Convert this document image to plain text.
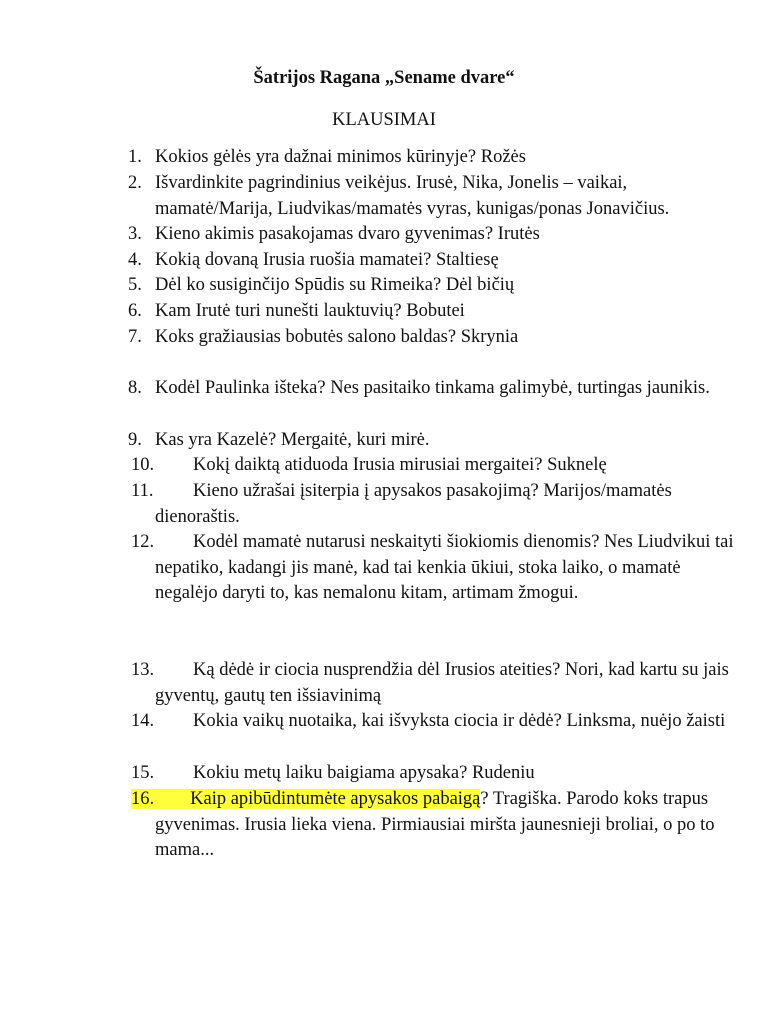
Šatrijos Ragana „Sename dvare“
KLAUSIMAI
1. Kokios gėlės yra dažnai minimos kūrinyje? Rožės
2. Išvardinkite pagrindinius veikėjus. Irusė, Nika, Jonelis – vaikai, mamatė/Marija, Liudvikas/mamatės vyras, kunigas/ponas Jonavičius.
3. Kieno akimis pasakojamas dvaro gyvenimas? Irutės
4. Kokią dovaną Irusia ruošia mamatei? Staltiesę
5. Dėl ko susiginčijo Spūdis su Rimeika? Dėl bičių
6. Kam Irutė turi nunešti lauktuvių? Bobutei
7. Koks gražiausias bobutės salono baldas? Skrynia
8. Kodėl Paulinka išteka? Nes pasitaiko tinkama galimybė, turtingas jaunikis.
9. Kas yra Kazelė? Mergaitė, kuri mirė.
10.	Kokį daiktą atiduoda Irusia mirusiai mergaitei? Suknelę
11.	Kieno užrašai įsiterpia į apysakos pasakojimą? Marijos/mamatės dienoraštis.
12.	Kodėl mamatė nutarusi neskaityti šiokiomis dienomis? Nes Liudvikui tai nepatiko, kadangi jis manė, kad tai kenkia ūkiui, stoka laiko, o mamatė negalėjo daryti to, kas nemalonu kitam, artimam žmogui.
13.	Ką dėdė ir ciocia nusprendžia dėl Irusios ateities? Nori, kad kartu su jais gyventų, gautų ten išsiavinimą
14.	Kokia vaikų nuotaika, kai išvyksta ciocia ir dėdė? Linksma, nuėjo žaisti
15.	Kokiu metų laiku baigiama apysaka? Rudeniu
16. Kaip apibūdintumėte apysakos pabaigą? Tragiška. Parodo koks trapus gyvenimas. Irusia lieka viena. Pirmiausiai miršta jaunesnieji broliai, o po to mama...
